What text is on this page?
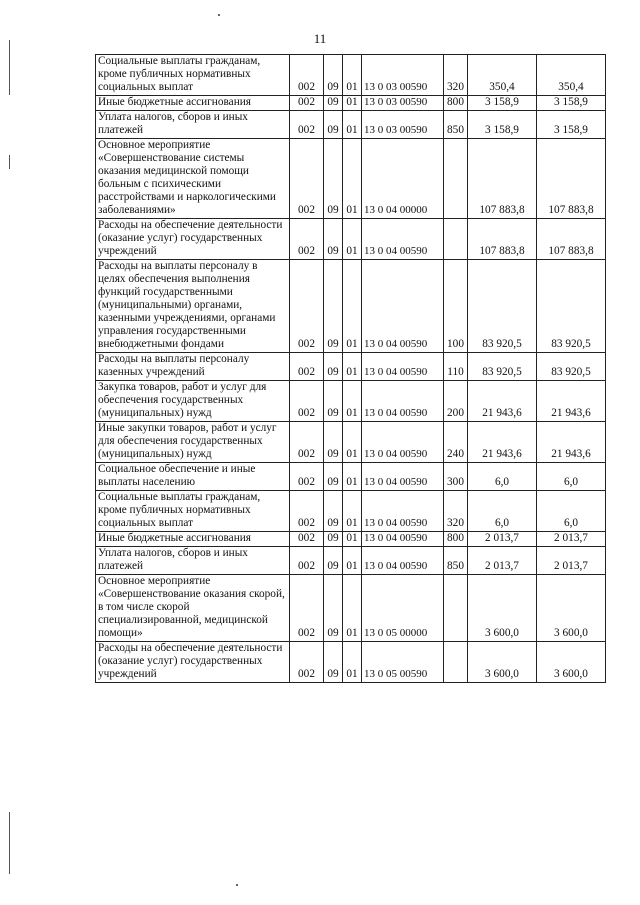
11
Социальные выплаты гражданам, кроме публичных нормативных социальных выплат	002	09	01	13 0 03 00590	320	350,4	350,4
Иные бюджетные ассигнования	002	09	01	13 0 03 00590	800	3 158,9	3 158,9
Уплата налогов, сборов и иных платежей	002	09	01	13 0 03 00590	850	3 158,9	3 158,9
Основное мероприятие «Совершенствование системы оказания медицинской помощи больным с психическими расстройствами и наркологическими заболеваниями»	002	09	01	13 0 04 00000		107 883,8	107 883,8
Расходы на обеспечение деятельности (оказание услуг) государственных учреждений	002	09	01	13 0 04 00590		107 883,8	107 883,8
Расходы на выплаты персоналу в целях обеспечения выполнения функций государственными (муниципальными) органами, казенными учреждениями, органами управления государственными внебюджетными фондами	002	09	01	13 0 04 00590	100	83 920,5	83 920,5
Расходы на выплаты персоналу казенных учреждений	002	09	01	13 0 04 00590	110	83 920,5	83 920,5
Закупка товаров, работ и услуг для обеспечения государственных (муниципальных) нужд	002	09	01	13 0 04 00590	200	21 943,6	21 943,6
Иные закупки товаров, работ и услуг для обеспечения государственных (муниципальных) нужд	002	09	01	13 0 04 00590	240	21 943,6	21 943,6
Социальное обеспечение и иные выплаты населению	002	09	01	13 0 04 00590	300	6,0	6,0
Социальные выплаты гражданам, кроме публичных нормативных социальных выплат	002	09	01	13 0 04 00590	320	6,0	6,0
Иные бюджетные ассигнования	002	09	01	13 0 04 00590	800	2 013,7	2 013,7
Уплата налогов, сборов и иных платежей	002	09	01	13 0 04 00590	850	2 013,7	2 013,7
Основное мероприятие «Совершенствование оказания скорой, в том числе скорой специализированной, медицинской помощи»	002	09	01	13 0 05 00000		3 600,0	3 600,0
Расходы на обеспечение деятельности (оказание услуг) государственных учреждений	002	09	01	13 0 05 00590		3 600,0	3 600,0
